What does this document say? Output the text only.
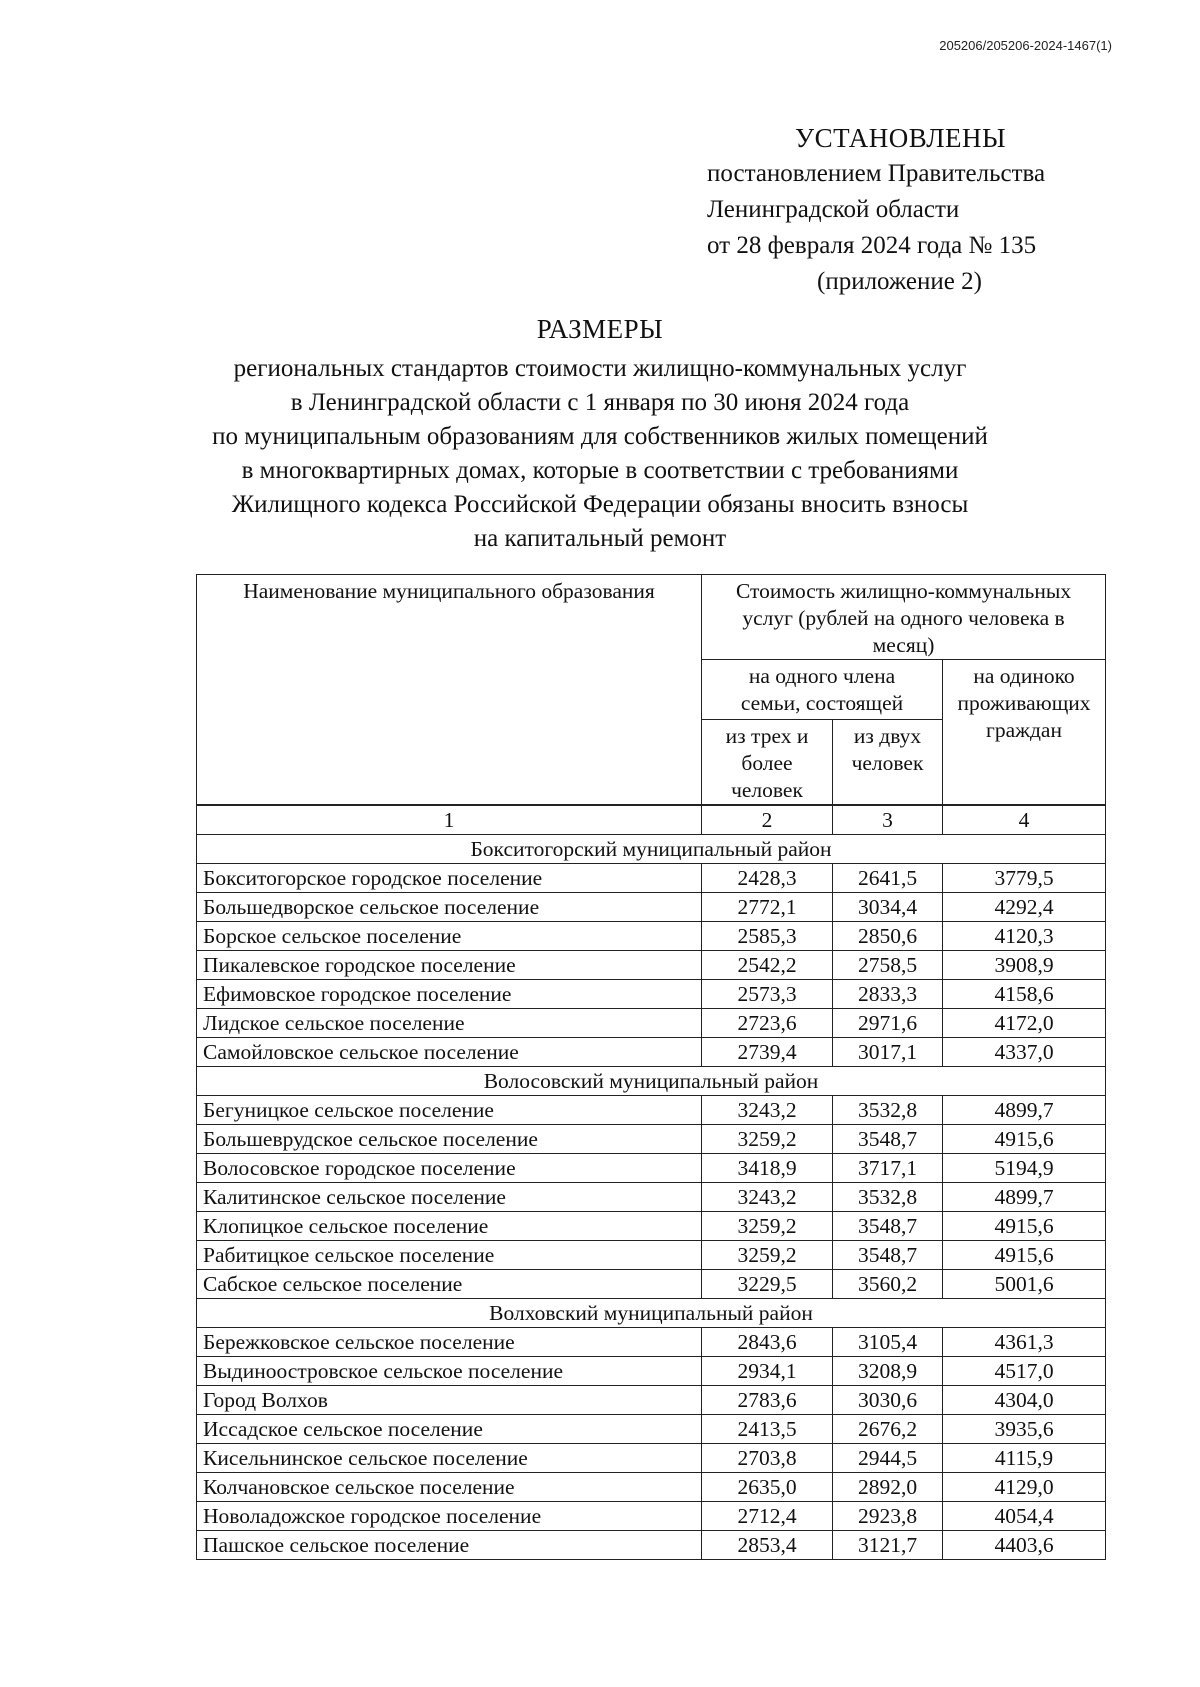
205206/205206-2024-1467(1)
УСТАНОВЛЕНЫ
постановлением Правительства
Ленинградской области
от 28 февраля 2024 года № 135
(приложение 2)
РАЗМЕРЫ
региональных стандартов стоимости жилищно-коммунальных услуг
в Ленинградской области с 1 января по 30 июня 2024 года
по муниципальным образованиям для собственников жилых помещений
в многоквартирных домах, которые в соответствии с требованиями
Жилищного кодекса Российской Федерации обязаны вносить взносы
на капитальный ремонт
Наименование муниципального образования	Стоимость жилищно-коммунальных услуг (рублей на одного человека в месяц)		
	на одного члена семьи, состоящей		на одиноко проживающих граждан
	из трех и более человек	из двух человек	
1	2	3	4
Бокситогорский муниципальный район			
Бокситогорское городское поселение	2428,3	2641,5	3779,5
Большедворское сельское поселение	2772,1	3034,4	4292,4
Борское сельское поселение	2585,3	2850,6	4120,3
Пикалевское городское поселение	2542,2	2758,5	3908,9
Ефимовское городское поселение	2573,3	2833,3	4158,6
Лидское сельское поселение	2723,6	2971,6	4172,0
Самойловское сельское поселение	2739,4	3017,1	4337,0
Волосовский муниципальный район			
Бегуницкое сельское поселение	3243,2	3532,8	4899,7
Большеврудское сельское поселение	3259,2	3548,7	4915,6
Волосовское городское поселение	3418,9	3717,1	5194,9
Калитинское сельское поселение	3243,2	3532,8	4899,7
Клопицкое сельское поселение	3259,2	3548,7	4915,6
Рабитицкое сельское поселение	3259,2	3548,7	4915,6
Сабское сельское поселение	3229,5	3560,2	5001,6
Волховский муниципальный район			
Бережковское сельское поселение	2843,6	3105,4	4361,3
Выдиноостровское сельское поселение	2934,1	3208,9	4517,0
Город Волхов	2783,6	3030,6	4304,0
Иссадское сельское поселение	2413,5	2676,2	3935,6
Кисельнинское сельское поселение	2703,8	2944,5	4115,9
Колчановское сельское поселение	2635,0	2892,0	4129,0
Новоладожское городское поселение	2712,4	2923,8	4054,4
Пашское сельское поселение	2853,4	3121,7	4403,6
